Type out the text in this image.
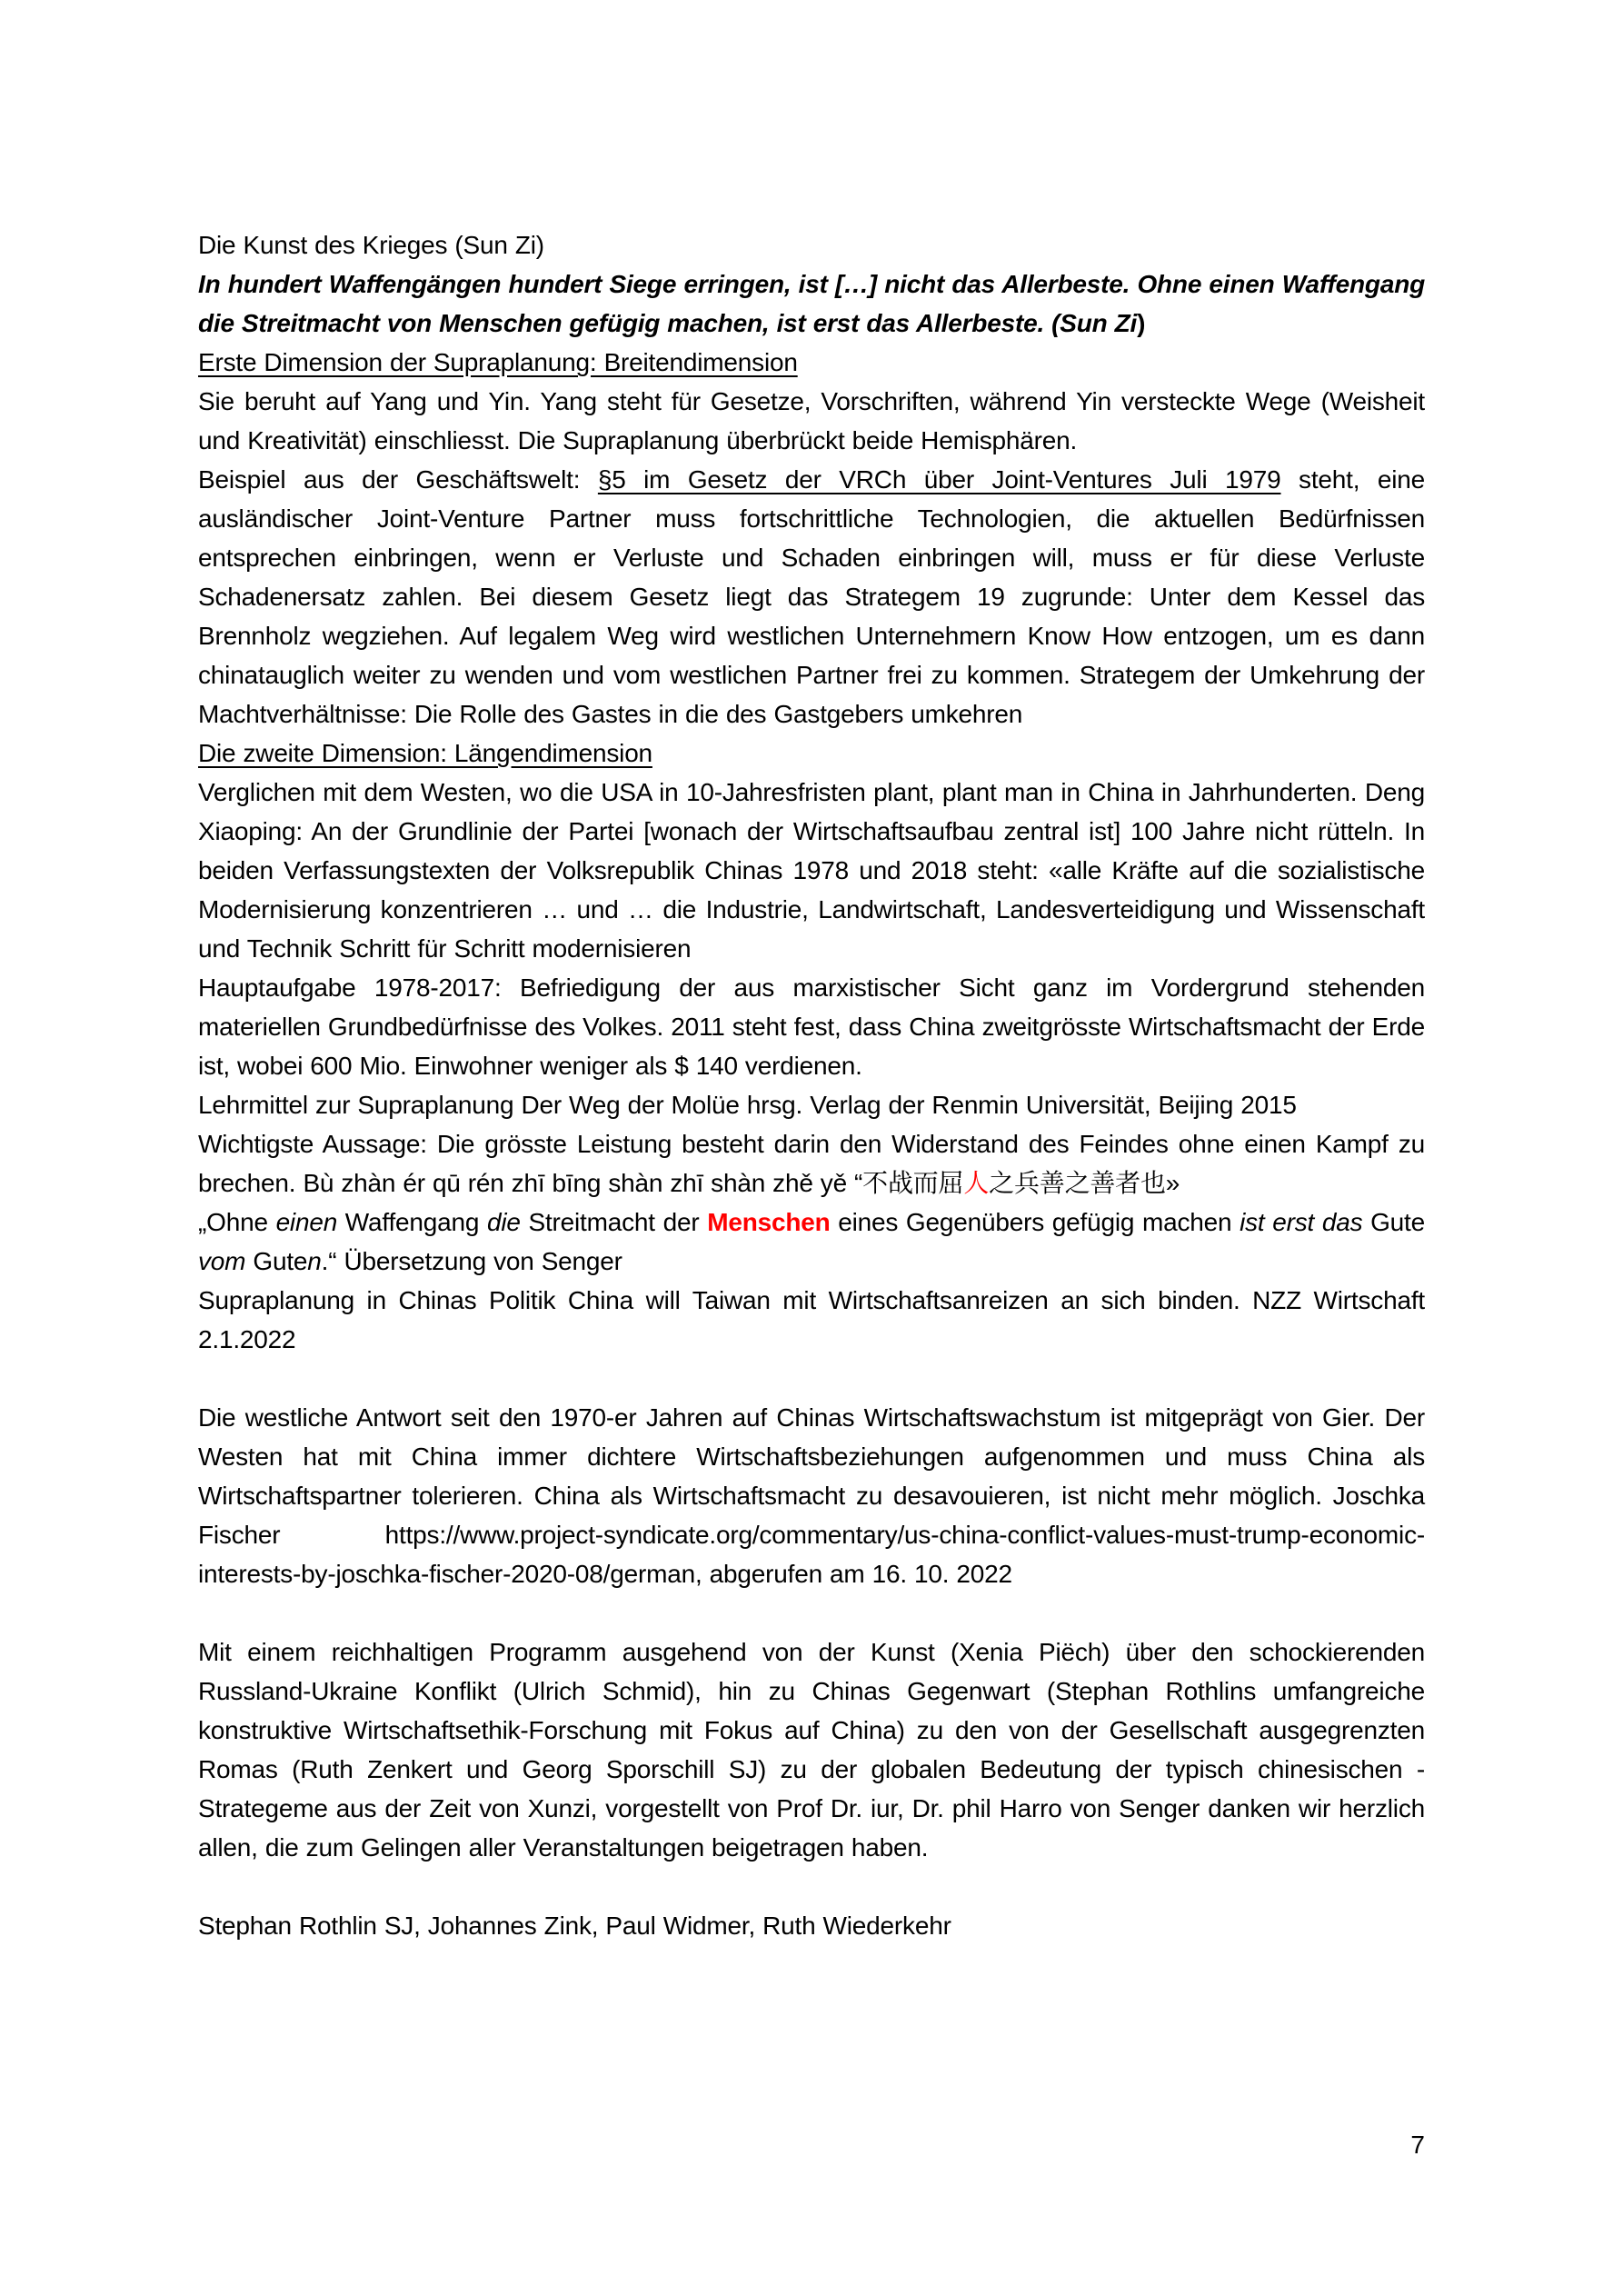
Die Kunst des Krieges (Sun Zi)

In hundert Waffengängen hundert Siege erringen, ist […] nicht das Allerbeste. Ohne einen Waffengang die Streitmacht von Menschen gefügig machen, ist erst das Allerbeste. (Sun Zi)

Erste Dimension der Supraplanung: Breitendimension

Sie beruht auf Yang und Yin. Yang steht für Gesetze, Vorschriften, während Yin versteckte Wege (Weisheit und Kreativität) einschliesst. Die Supraplanung überbrückt beide Hemisphären.

Beispiel aus der Geschäftswelt: §5 im Gesetz der VRCh über Joint-Ventures Juli 1979 steht, eine ausländischer Joint-Venture Partner muss fortschrittliche Technologien, die aktuellen Bedürfnissen entsprechen einbringen, wenn er Verluste und Schaden einbringen will, muss er für diese Verluste Schadenersatz zahlen. Bei diesem Gesetz liegt das Strategem 19 zugrunde: Unter dem Kessel das Brennholz wegziehen. Auf legalem Weg wird westlichen Unternehmern Know How entzogen, um es dann chinatauglich weiter zu wenden und vom westlichen Partner frei zu kommen. Strategem der Umkehrung der Machtverhältnisse: Die Rolle des Gastes in die des Gastgebers umkehren

Die zweite Dimension: Längendimension

Verglichen mit dem Westen, wo die USA in 10-Jahresfristen plant, plant man in China in Jahrhunderten. Deng Xiaoping: An der Grundlinie der Partei [wonach der Wirtschaftsaufbau zentral ist] 100 Jahre nicht rütteln. In beiden Verfassungstexten der Volksrepublik Chinas 1978 und 2018 steht: «alle Kräfte auf die sozialistische Modernisierung konzentrieren … und … die Industrie, Landwirtschaft, Landesverteidigung und Wissenschaft und Technik Schritt für Schritt modernisieren

Hauptaufgabe 1978-2017: Befriedigung der aus marxistischer Sicht ganz im Vordergrund stehenden materiellen Grundbedürfnisse des Volkes. 2011 steht fest, dass China zweitgrösste Wirtschaftsmacht der Erde ist, wobei 600 Mio. Einwohner weniger als $ 140 verdienen.

Lehrmittel zur Supraplanung Der Weg der Molüe hrsg. Verlag der Renmin Universität, Beijing 2015

Wichtigste Aussage: Die grösste Leistung besteht darin den Widerstand des Feindes ohne einen Kampf zu brechen. Bù zhàn ér qū rén zhī bīng shàn zhī shàn zhě yě “不战而屈人之兵善之善者也»

„Ohne einen Waffengang die Streitmacht der Menschen eines Gegenübers gefügig machen ist erst das Gute vom Guten.“ Übersetzung von Senger

Supraplanung in Chinas Politik China will Taiwan mit Wirtschaftsanreizen an sich binden. NZZ Wirtschaft 2.1.2022

Die westliche Antwort seit den 1970-er Jahren auf Chinas Wirtschaftswachstum ist mitgeprägt von Gier. Der Westen hat mit China immer dichtere Wirtschaftsbeziehungen aufgenommen und muss China als Wirtschaftspartner tolerieren. China als Wirtschaftsmacht zu desavouieren, ist nicht mehr möglich. Joschka Fischer https://www.project-syndicate.org/commentary/us-china-conflict-values-must-trump-economic-interests-by-joschka-fischer-2020-08/german, abgerufen am 16. 10. 2022

Mit einem reichhaltigen Programm ausgehend von der Kunst (Xenia Piëch) über den schockierenden Russland-Ukraine Konflikt (Ulrich Schmid), hin zu Chinas Gegenwart (Stephan Rothlins umfangreiche konstruktive Wirtschaftsethik-Forschung mit Fokus auf China) zu den von der Gesellschaft ausgegrenzten Romas (Ruth Zenkert und Georg Sporschill SJ) zu der globalen Bedeutung der typisch chinesischen - Strategeme aus der Zeit von Xunzi, vorgestellt von Prof Dr. iur, Dr. phil Harro von Senger danken wir herzlich allen, die zum Gelingen aller Veranstaltungen beigetragen haben.

Stephan Rothlin SJ, Johannes Zink, Paul Widmer, Ruth Wiederkehr

7
